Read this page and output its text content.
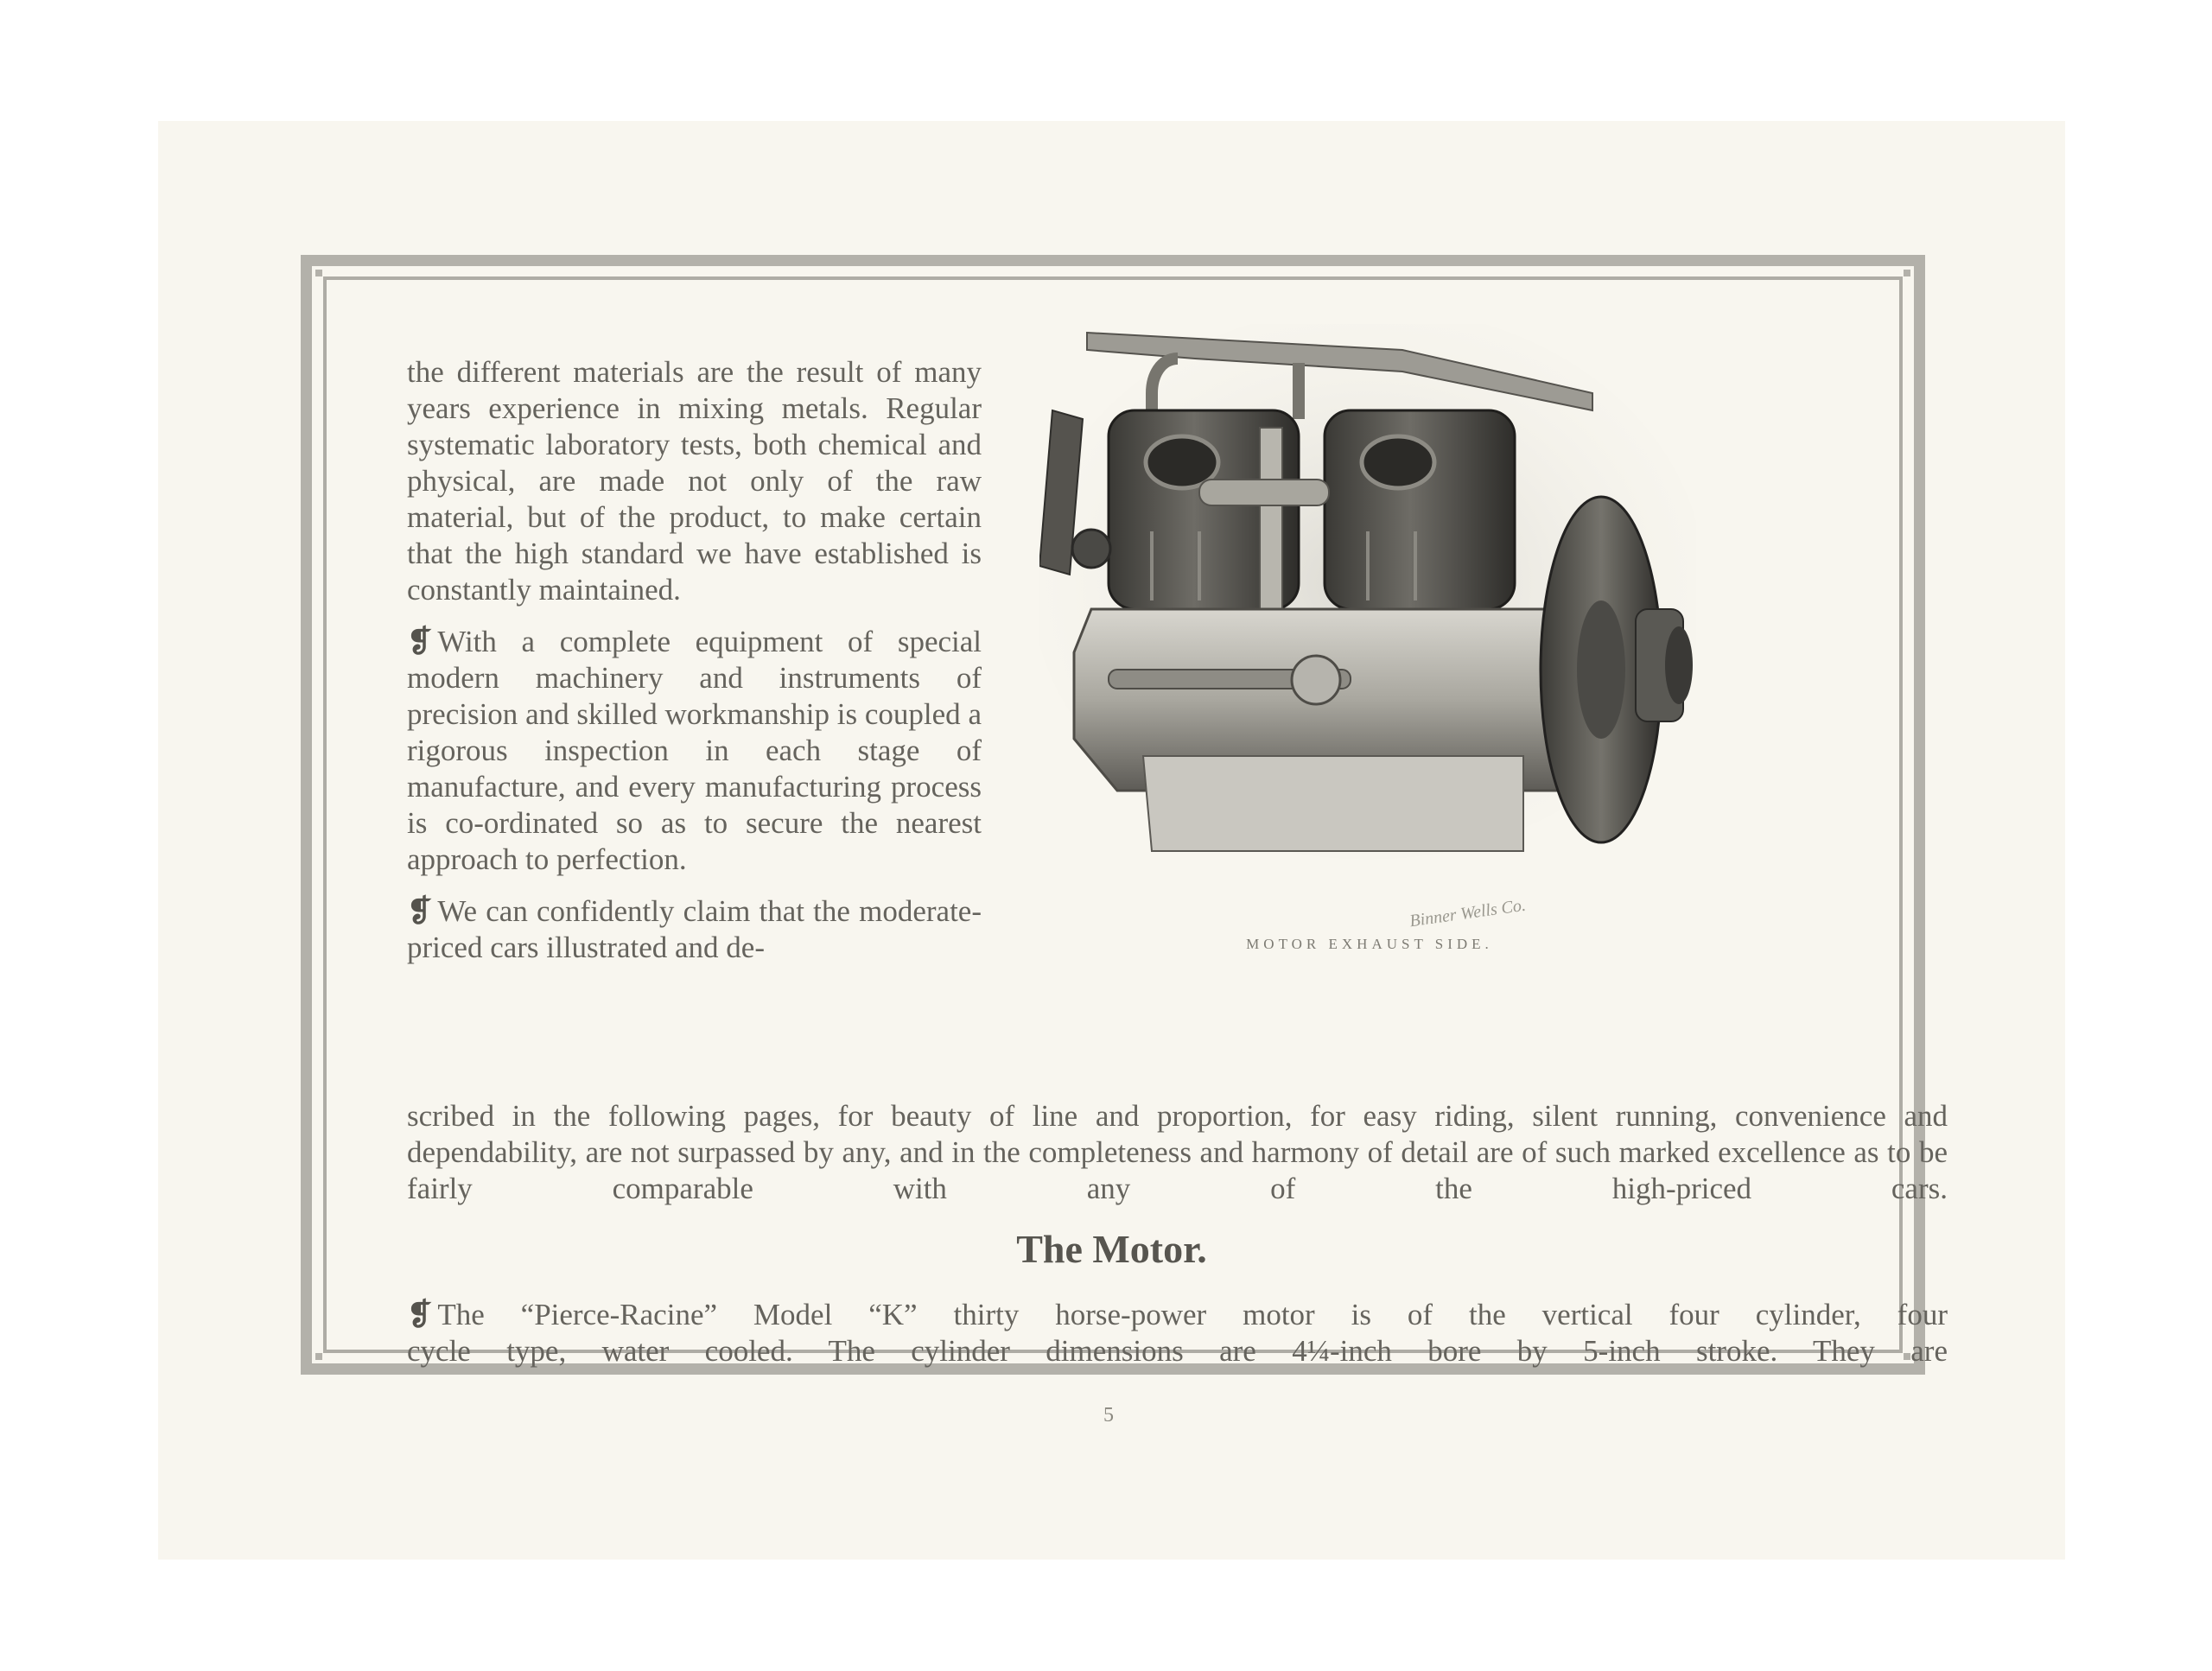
the different materials are the result of many years experience in mixing metals. Regular systematic laboratory tests, both chemical and physical, are made not only of the raw material, but of the product, to make certain that the high standard we have established is constantly maintained.

❡ With a complete equipment of special modern machinery and instruments of precision and skilled workmanship is coupled a rigorous inspection in each stage of manufacture, and every manufacturing process is co-ordinated so as to secure the nearest approach to perfection.

❡ We can confidently claim that the moderate-priced cars illustrated and de-

Binner Wells Co.
MOTOR EXHAUST SIDE.
scribed in the following pages, for beauty of line and proportion, for easy riding, silent running, convenience and dependability, are not surpassed by any, and in the completeness and harmony of detail are of such marked excellence as to be fairly comparable with any of the high-priced cars.
The Motor.
❡ The “Pierce-Racine” Model “K” thirty horse-power motor is of the vertical four cylinder, four
cycle type, water cooled. The cylinder dimensions are 4¼-inch bore by 5-inch stroke. They are
5
